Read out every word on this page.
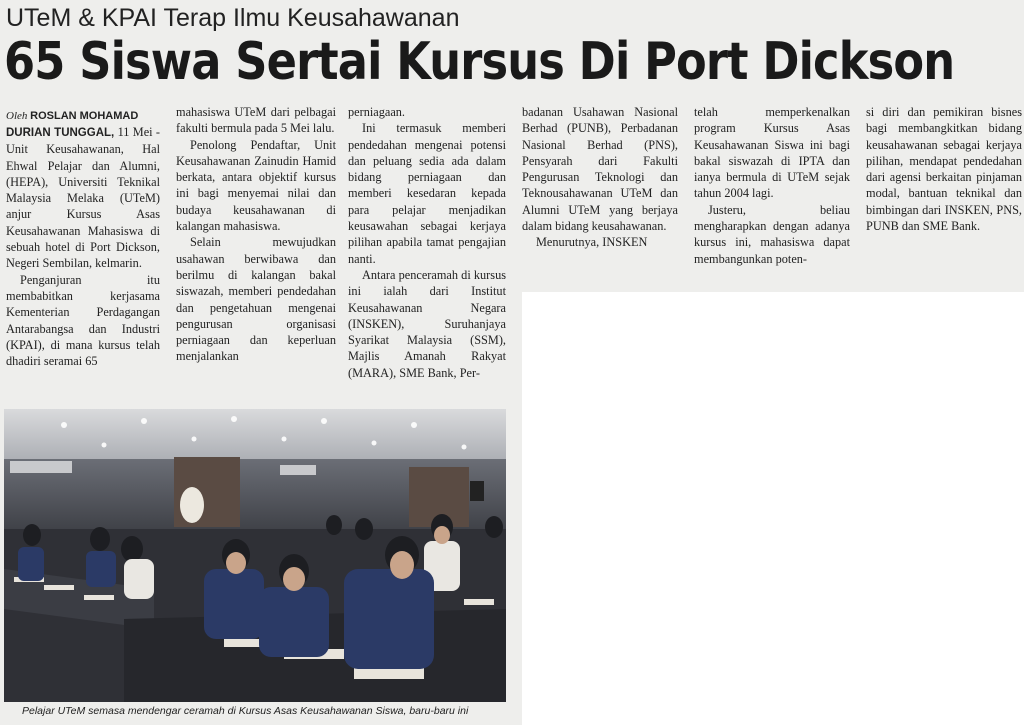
UTeM & KPAI Terap Ilmu Keusahawanan
65 Siswa Sertai Kursus Di Port Dickson
Oleh ROSLAN MOHAMAD

DURIAN TUNGGAL, 11 Mei - Unit Keusahawanan, Hal Ehwal Pelajar dan Alumni, (HEPA), Universiti Teknikal Malaysia Melaka (UTeM) anjur Kursus Asas Keusahawanan Mahasiswa di sebuah hotel di Port Dickson, Negeri Sembilan, kelmarin.

Penganjuran itu membabitkan kerjasama Kementerian Perdagangan Antarabangsa dan Industri (KPAI), di mana kursus telah dhadiri seramai 65

mahasiswa UTeM dari pelbagai fakulti bermula pada 5 Mei lalu.

Penolong Pendaftar, Unit Keusahawanan Zainudin Hamid berkata, antara objektif kursus ini bagi menyemai nilai dan budaya keusahawanan di kalangan mahasiswa.

Selain mewujudkan usahawan berwibawa dan berilmu di kalangan bakal siswazah, memberi pendedahan dan pengetahuan mengenai pengurusan organisasi perniagaan dan keperluan menjalankan

perniagaan.

Ini termasuk memberi pendedahan mengenai potensi dan peluang sedia ada dalam bidang perniagaan dan memberi kesedaran kepada para pelajar menjadikan keusawahan sebagai kerjaya pilihan apabila tamat pengajian nanti.

Antara penceramah di kursus ini ialah dari Institut Keusahawanan Negara (INSKEN), Suruhanjaya Syarikat Malaysia (SSM), Majlis Amanah Rakyat (MARA), SME Bank, Per-

badanan Usahawan Nasional Berhad (PUNB), Perbadanan Nasional Berhad (PNS), Pensyarah dari Fakulti Pengurusan Teknologi dan Teknousahawanan UTeM dan Alumni UTeM yang berjaya dalam bidang keusahawanan.

Menurutnya, INSKEN

telah memperkenalkan program Kursus Asas Keusahawanan Siswa ini bagi bakal siswazah di IPTA dan ianya bermula di UTeM sejak tahun 2004 lagi.

Justeru, beliau mengharapkan dengan adanya kursus ini, mahasiswa dapat membangunkan poten-

si diri dan pemikiran bisnes bagi membangkitkan bidang keusahawanan sebagai kerjaya pilihan, mendapat pendedahan dari agensi berkaitan pinjaman modal, bantuan teknikal dan bimbingan dari INSKEN, PNS, PUNB dan SME Bank.

Pelajar UTeM semasa mendengar ceramah di Kursus Asas Keusahawanan Siswa, baru-baru ini
